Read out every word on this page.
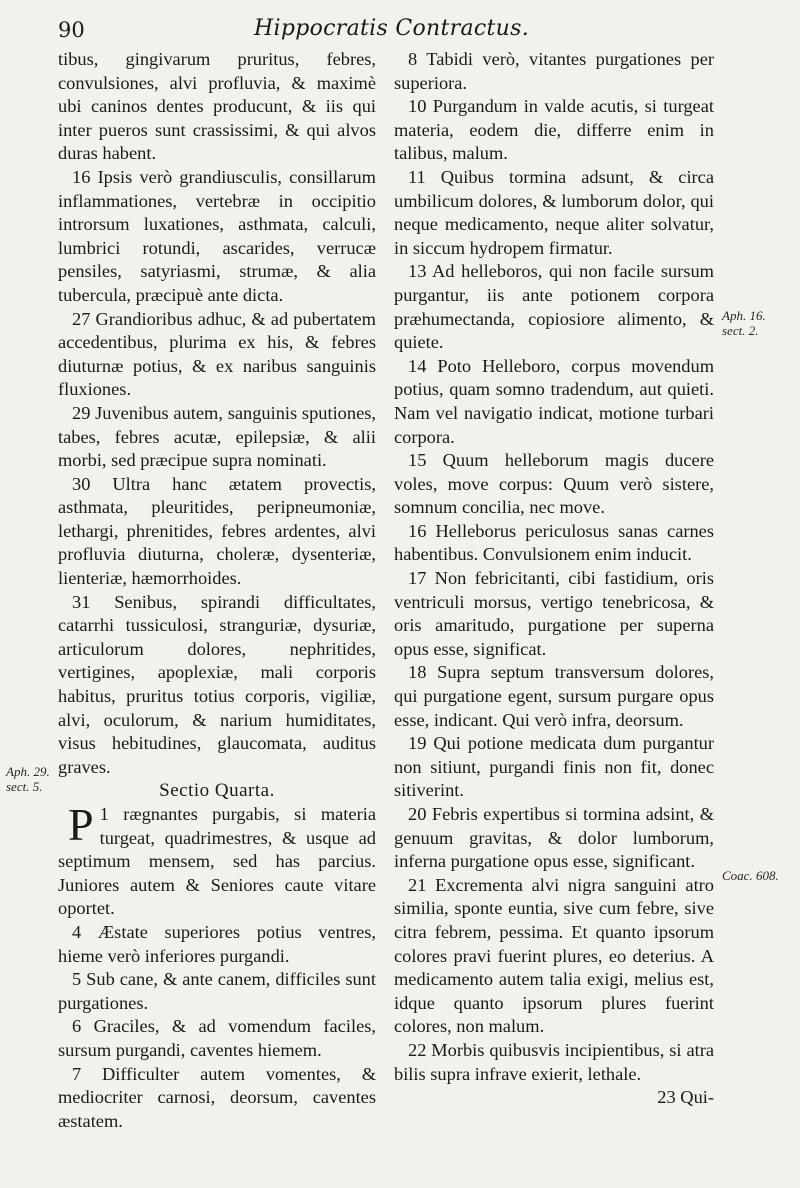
90	Hippocratis Contractus.

tibus, gingivarum pruritus, febres, convulsiones, alvi profluvia, & maximè ubi caninos dentes producunt, & iis qui inter pueros sunt crassissimi, & qui alvos duras habent.

16 Ipsis verò grandiusculis, consillarum inflammationes, vertebræ in occipitio introrsum luxationes, asthmata, calculi, lumbrici rotundi, ascarides, verrucæ pensiles, satyriasmi, strumæ, & alia tubercula, præcipuè ante dicta.

27 Grandioribus adhuc, & ad pubertatem accedentibus, plurima ex his, & febres diuturnæ potius, & ex naribus sanguinis fluxiones.

29 Juvenibus autem, sanguinis sputiones, tabes, febres acutæ, epilepsiæ, & alii morbi, sed præcipue supra nominati.

30 Ultra hanc ætatem provectis, asthmata, pleuritides, peripneumoniæ, lethargi, phrenitides, febres ardentes, alvi profluvia diuturna, choleræ, dysenteriæ, lienteriæ, hæmorrhoides.

31 Senibus, spirandi difficultates, catarrhi tussiculosi, stranguriæ, dysuriæ, articulorum dolores, nephritides, vertigines, apoplexiæ, mali corporis habitus, pruritus totius corporis, vigiliæ, alvi, oculorum, & narium humiditates, visus hebitudines, glaucomata, auditus graves.

Sectio Quarta.

1
P	rægnantes purgabis, si materia turgeat, quadrimestres, & usque ad septimum mensem, sed has parcius. Juniores autem & Seniores caute vitare oportet.

4 Æstate superiores potius ventres, hieme verò inferiores purgandi.

5 Sub cane, & ante canem, difficiles sunt purgationes.

6 Graciles, & ad vomendum faciles, sursum purgandi, caventes hiemem.

7 Difficulter autem vomentes, & mediocriter carnosi, deorsum, caventes æstatem.

8 Tabidi verò, vitantes purgationes per superiora.

10 Purgandum in valde acutis, si turgeat materia, eodem die, differre enim in talibus, malum.

11 Quibus tormina adsunt, & circa umbilicum dolores, & lumborum dolor, qui neque medicamento, neque aliter solvatur, in siccum hydropem firmatur.

13 Ad helleboros, qui non facile sursum purgantur, iis ante potionem corpora præhumectanda, copiosiore alimento, & quiete.

14 Poto Helleboro, corpus movendum potius, quam somno tradendum, aut quieti. Nam vel navigatio indicat, motione turbari corpora.

15 Quum helleborum magis ducere voles, move corpus: Quum verò sistere, somnum concilia, nec move.

16 Helleborus periculosus sanas carnes habentibus. Convulsionem enim inducit.

17 Non febricitanti, cibi fastidium, oris ventriculi morsus, vertigo tenebricosa, & oris amaritudo, purgatione per superna opus esse, significat.

18 Supra septum transversum dolores, qui purgatione egent, sursum purgare opus esse, indicant. Qui verò infra, deorsum.

19 Qui potione medicata dum purgantur non sitiunt, purgandi finis non fit, donec sitiverint.

20 Febris expertibus si tormina adsint, & genuum gravitas, & dolor lumborum, inferna purgatione opus esse, significant.

21 Excrementa alvi nigra sanguini atro similia, sponte euntia, sive cum febre, sive citra febrem, pessima. Et quanto ipsorum colores pravi fuerint plures, eo deterius. A medicamento autem talia exigi, melius est, idque quanto ipsorum plures fuerint colores, non malum.

22 Morbis quibusvis incipientibus, si atra bilis supra infrave exierit, lethale.

23 Qui-

Aph. 29. sect. 5.
Aph. 16. sect. 2.
Coac. 608.
